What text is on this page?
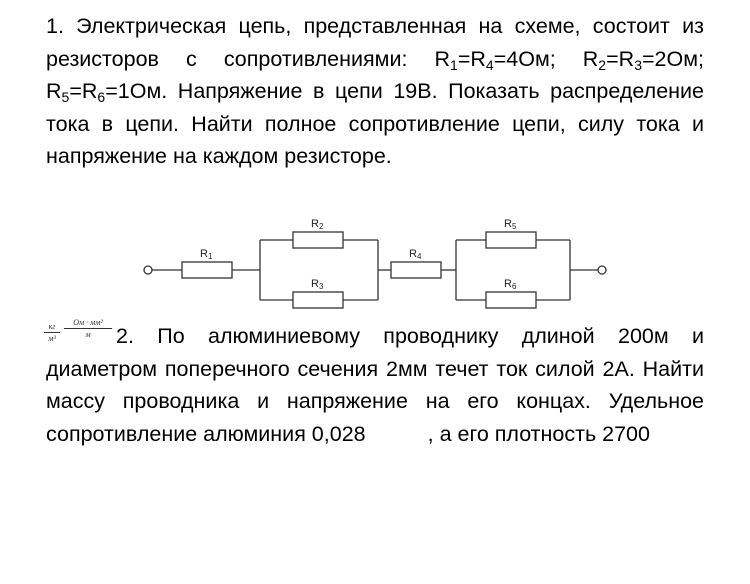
1. Электрическая цепь, представленная на схеме, состоит из резисторов с сопротивлениями: $R_1=R_4=4Ом$; $R_2=R_3=2Ом$; $R_5=R_6=1Ом$. Напряжение в цепи 19В. Показать распределение тока в цепи. Найти полное сопротивление цепи, силу тока и напряжение на каждом резисторе.
R1
R2
R3
R4
R5
R6
кг
м³
Ом · мм²
м	2. По алюминиевому проводнику длиной 200м и диаметром поперечного сечения 2мм течет ток силой 2А. Найти массу проводника и напряжение на его концах. Удельное сопротивление алюминия 0,028	, а его плотность 2700
